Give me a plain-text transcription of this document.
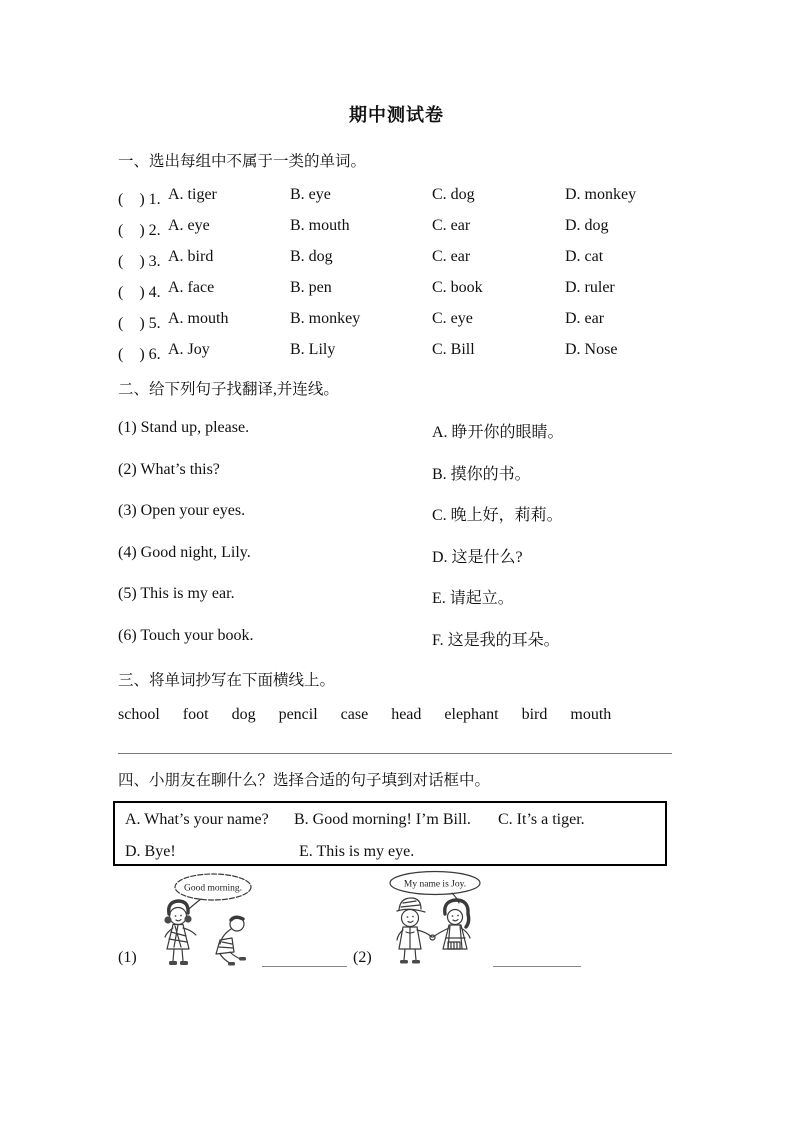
期中测试卷
一、选出每组中不属于一类的单词。
(　) 1. A. tiger	B. eye	C. dog	D. monkey
(　) 2. A. eye	B. mouth	C. ear	D. dog
(　) 3. A. bird	B. dog	C. ear	D. cat
(　) 4. A. face	B. pen	C. book	D. ruler
(　) 5. A. mouth	B. monkey	C. eye	D. ear
(　) 6. A. Joy	B. Lily	C. Bill	D. Nose
二、给下列句子找翻译,并连线。
(1) Stand up, please.	A. 睁开你的眼睛。
(2) What’s this?	B. 摸你的书。
(3) Open your eyes.	C. 晚上好，莉莉。
(4) Good night, Lily.	D. 这是什么?
(5) This is my ear.	E. 请起立。
(6) Touch your book.	F. 这是我的耳朵。
三、将单词抄写在下面横线上。
school foot dog pencil case head elephant bird mouth
四、小朋友在聊什么？选择合适的句子填到对话框中。
A. What’s your name? B. Good morning! I’m Bill. C. It’s a tiger.
D. Bye!	E. This is my eye.
Good morning.	My name is Joy.
(1)	(2)
